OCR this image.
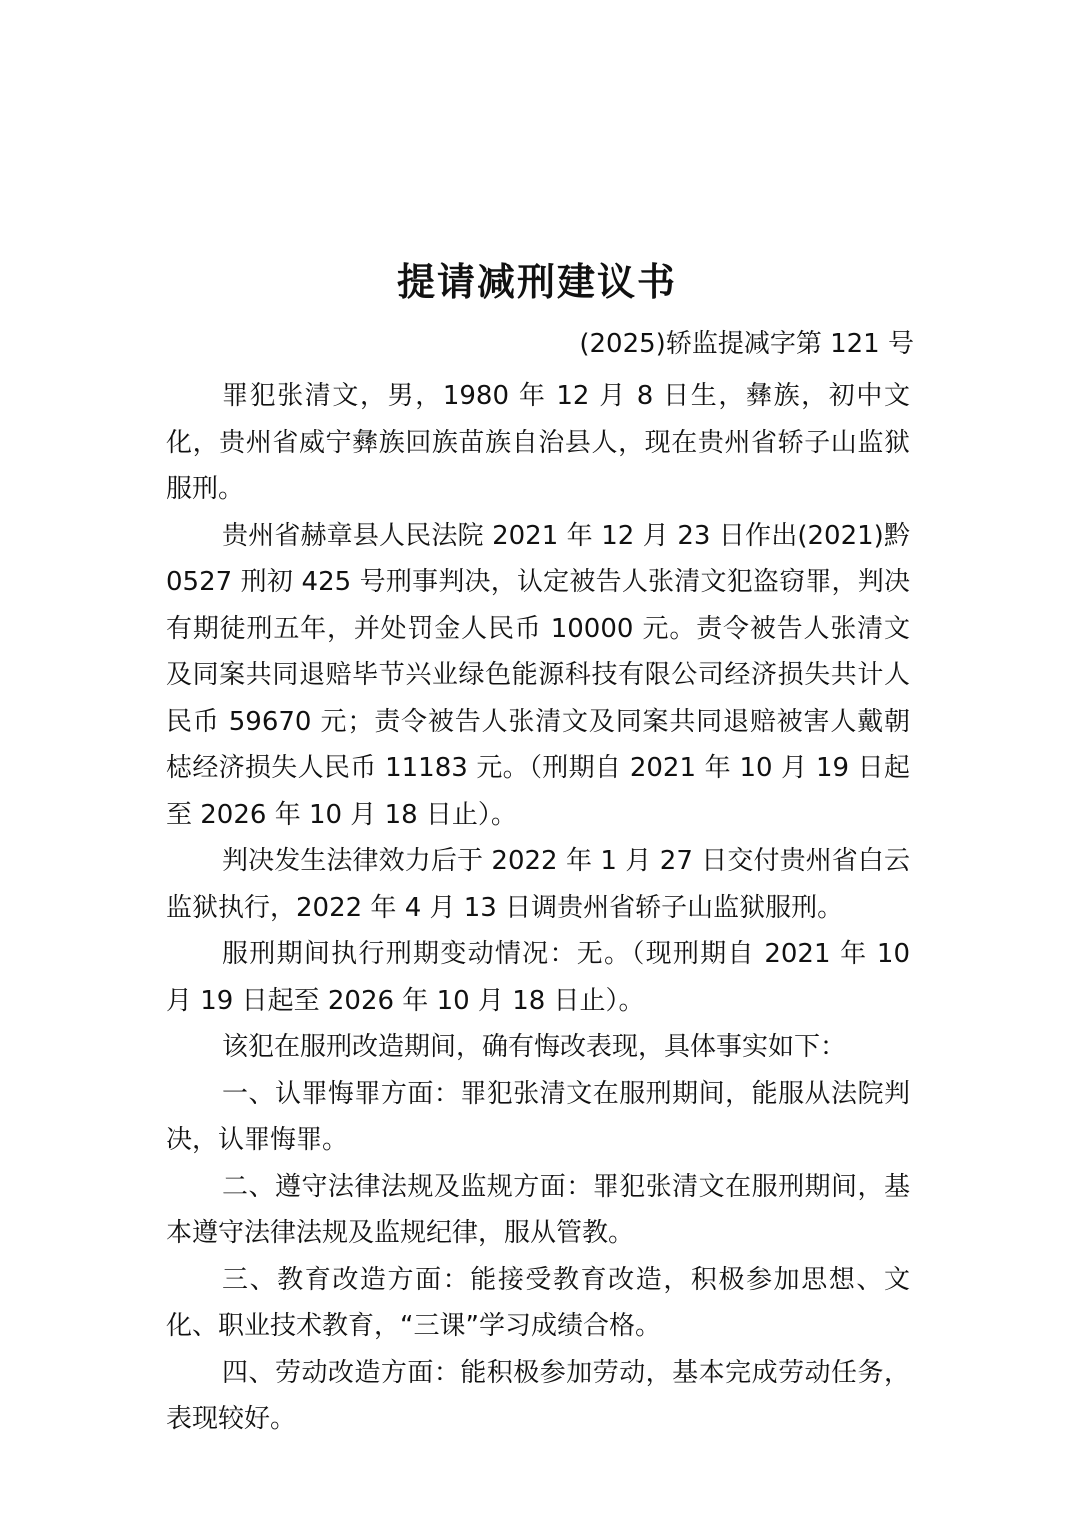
提请减刑建议书
(2025)轿监提减字第 121 号

罪犯张清文，男，1980 年 12 月 8 日生，彝族，初中文化，贵州省威宁彝族回族苗族自治县人，现在贵州省轿子山监狱服刑。

贵州省赫章县人民法院 2021 年 12 月 23 日作出(2021)黔 0527 刑初 425 号刑事判决，认定被告人张清文犯盗窃罪，判决有期徒刑五年，并处罚金人民币 10000 元。责令被告人张清文及同案共同退赔毕节兴业绿色能源科技有限公司经济损失共计人民币 59670 元；责令被告人张清文及同案共同退赔被害人戴朝梽经济损失人民币 11183 元。（刑期自 2021 年 10 月 19 日起至 2026 年 10 月 18 日止）。

判决发生法律效力后于 2022 年 1 月 27 日交付贵州省白云监狱执行，2022 年 4 月 13 日调贵州省轿子山监狱服刑。

服刑期间执行刑期变动情况：无。（现刑期自 2021 年 10 月 19 日起至 2026 年 10 月 18 日止）。

该犯在服刑改造期间，确有悔改表现，具体事实如下：

一、认罪悔罪方面：罪犯张清文在服刑期间，能服从法院判决，认罪悔罪。

二、遵守法律法规及监规方面：罪犯张清文在服刑期间，基本遵守法律法规及监规纪律，服从管教。

三、教育改造方面：能接受教育改造，积极参加思想、文化、职业技术教育，“三课”学习成绩合格。

四、劳动改造方面：能积极参加劳动，基本完成劳动任务，表现较好。
